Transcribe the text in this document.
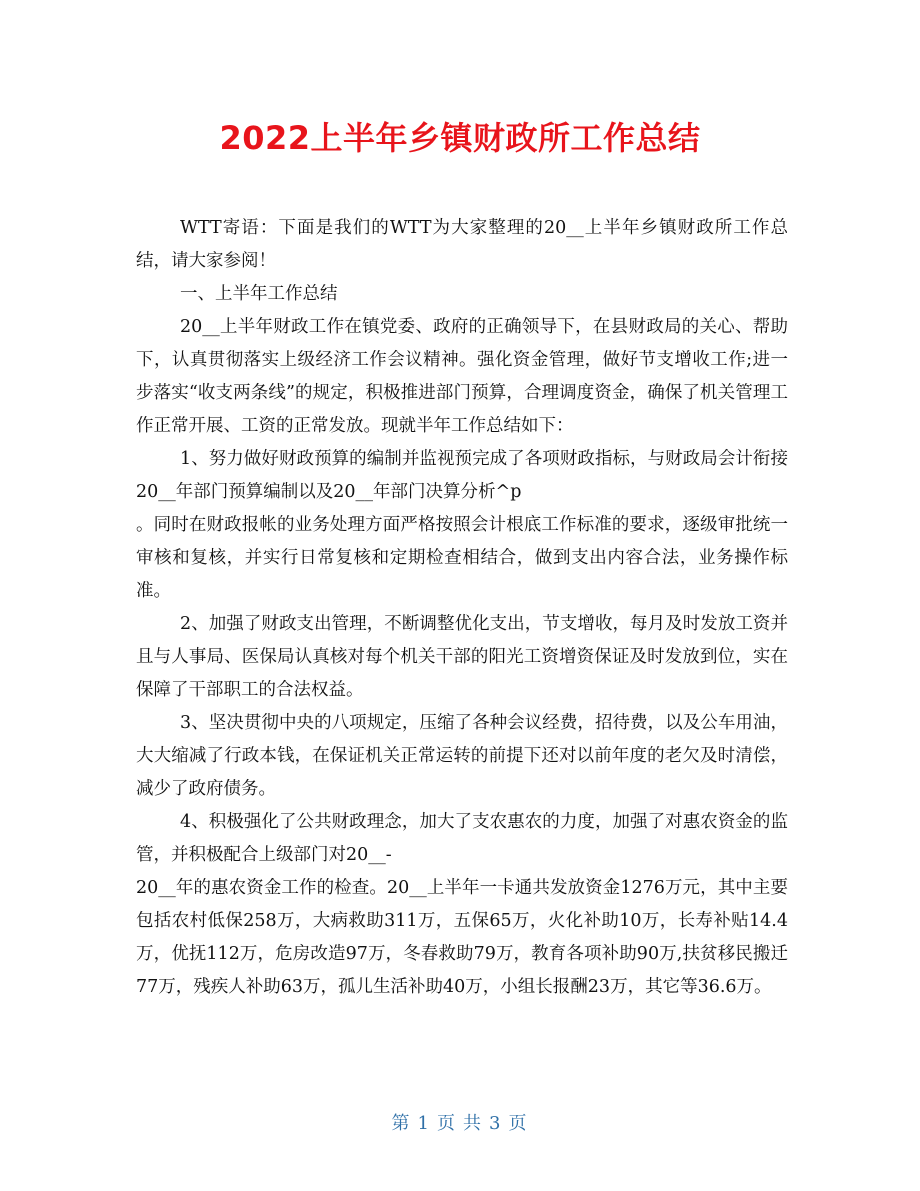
2022上半年乡镇财政所工作总结

WTT寄语：下面是我们的WTT为大家整理的20__上半年乡镇财政所工作总结，请大家参阅！

一、上半年工作总结

20__上半年财政工作在镇党委、政府的正确领导下，在县财政局的关心、帮助下，认真贯彻落实上级经济工作会议精神。强化资金管理，做好节支增收工作;进一步落实“收支两条线”的规定，积极推进部门预算，合理调度资金，确保了机关管理工作正常开展、工资的正常发放。现就半年工作总结如下：

1、努力做好财政预算的编制并监视预完成了各项财政指标，与财政局会计衔接20__年部门预算编制以及20__年部门决算分析^p

。同时在财政报帐的业务处理方面严格按照会计根底工作标准的要求，逐级审批统一审核和复核，并实行日常复核和定期检查相结合，做到支出内容合法，业务操作标准。

2、加强了财政支出管理，不断调整优化支出，节支增收，每月及时发放工资并且与人事局、医保局认真核对每个机关干部的阳光工资增资保证及时发放到位，实在保障了干部职工的合法权益。

3、坚决贯彻中央的八项规定，压缩了各种会议经费，招待费，以及公车用油，大大缩减了行政本钱，在保证机关正常运转的前提下还对以前年度的老欠及时清偿，减少了政府债务。

4、积极强化了公共财政理念，加大了支农惠农的力度，加强了对惠农资金的监管，并积极配合上级部门对20__-

20__年的惠农资金工作的检查。20__上半年一卡通共发放资金1276万元，其中主要包括农村低保258万，大病救助311万，五保65万，火化补助10万，长寿补贴14.4万，优抚112万，危房改造97万，冬春救助79万，教育各项补助90万,扶贫移民搬迁77万，残疾人补助63万，孤儿生活补助40万，小组长报酬23万，其它等36.6万。

第 1 页 共 3 页
